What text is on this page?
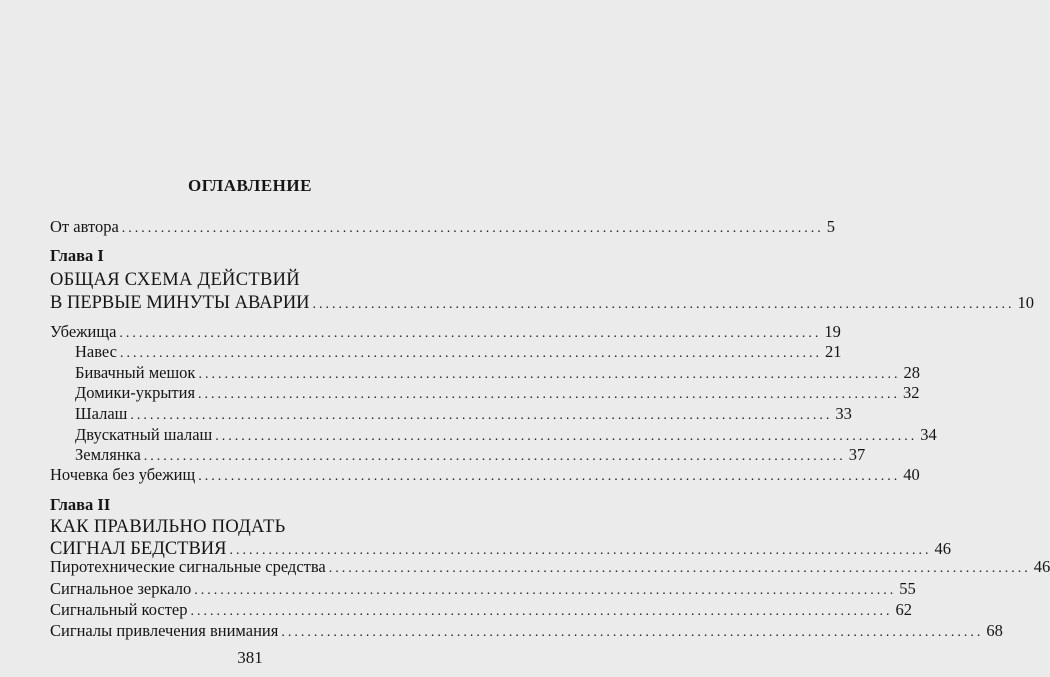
ОГЛАВЛЕНИЕ
От автора ............................................................................................................ 5
Глава I
ОБЩАЯ СХЕМА ДЕЙСТВИЙ
В ПЕРВЫЕ МИНУТЫ АВАРИИ ............................................................................................................ 10
Убежища ............................................................................................................ 19
Навес ............................................................................................................ 21
Бивачный мешок ............................................................................................................ 28
Домики-укрытия ............................................................................................................ 32
Шалаш ............................................................................................................ 33
Двускатный шалаш ............................................................................................................ 34
Землянка ............................................................................................................ 37
Ночевка без убежищ ............................................................................................................ 40
Глава II
КАК ПРАВИЛЬНО ПОДАТЬ
СИГНАЛ БЕДСТВИЯ ............................................................................................................ 46
Пиротехнические сигнальные средства ............................................................................................................ 46
Сигнальное зеркало ............................................................................................................ 55
Сигнальный костер ............................................................................................................ 62
Сигналы привлечения внимания ............................................................................................................ 68
381
